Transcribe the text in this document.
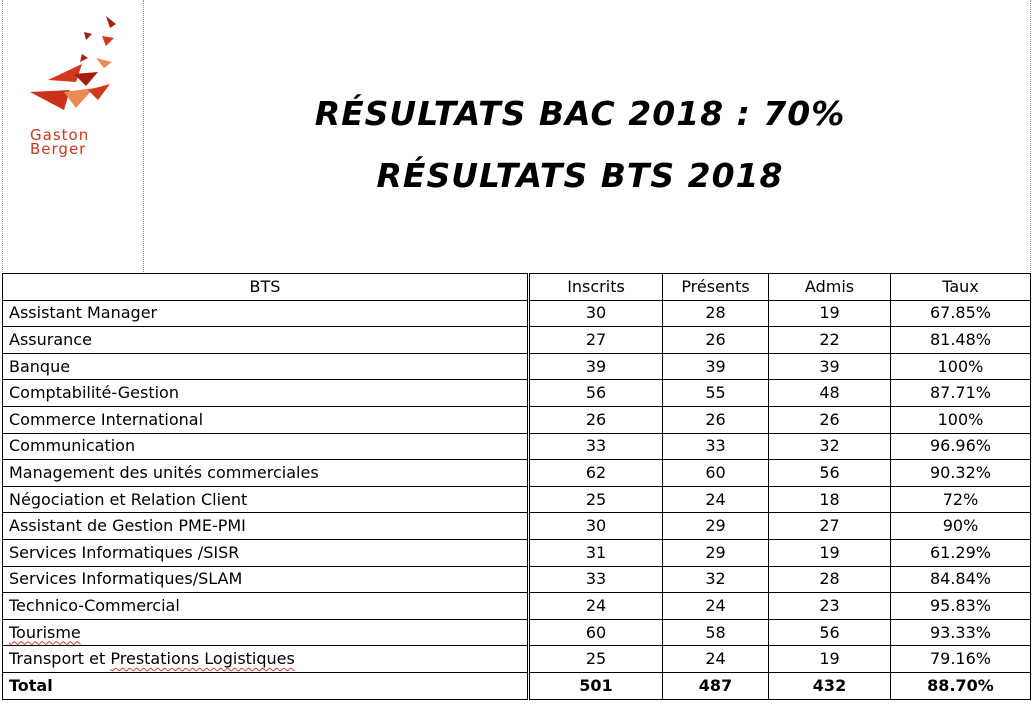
Gaston
Berger
RÉSULTATS BAC 2018 : 70%
RÉSULTATS BTS 2018
BTS	Inscrits	Présents	Admis	Taux
Assistant Manager	30	28	19	67.85%
Assurance	27	26	22	81.48%
Banque	39	39	39	100%
Comptabilité-Gestion	56	55	48	87.71%
Commerce International	26	26	26	100%
Communication	33	33	32	96.96%
Management des unités commerciales	62	60	56	90.32%
Négociation et Relation Client	25	24	18	72%
Assistant de Gestion PME-PMI	30	29	27	90%
Services Informatiques /SISR	31	29	19	61.29%
Services Informatiques/SLAM	33	32	28	84.84%
Technico-Commercial	24	24	23	95.83%
Tourisme	60	58	56	93.33%
Transport et Prestations Logistiques	25	24	19	79.16%
Total	501	487	432	88.70%
